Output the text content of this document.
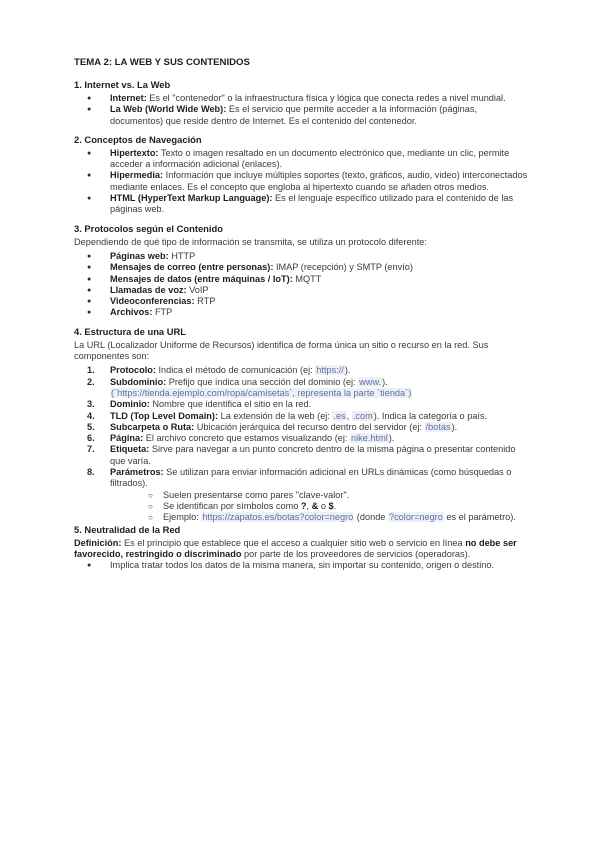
TEMA 2: LA WEB Y SUS CONTENIDOS
1. Internet vs. La Web
● Internet: Es el "contenedor" o la infraestructura física y lógica que conecta redes a nivel mundial.
● La Web (World Wide Web): Es el servicio que permite acceder a la información (páginas, documentos) que reside dentro de Internet. Es el contenido del contenedor.
2. Conceptos de Navegación
● Hipertexto: Texto o imagen resaltado en un documento electrónico que, mediante un clic, permite acceder a información adicional (enlaces).
● Hipermedia: Información que incluye múltiples soportes (texto, gráficos, audio, video) interconectados mediante enlaces. Es el concepto que engloba al hipertexto cuando se añaden otros medios.
● HTML (HyperText Markup Language): Es el lenguaje específico utilizado para el contenido de las páginas web.
3. Protocolos según el Contenido

Dependiendo de qué tipo de información se transmita, se utiliza un protocolo diferente:

● Páginas web: HTTP
● Mensajes de correo (entre personas): IMAP (recepción) y SMTP (envío)
● Mensajes de datos (entre máquinas / IoT): MQTT
● Llamadas de voz: VoIP
● Videoconferencias: RTP
● Archivos: FTP
4. Estructura de una URL

La URL (Localizador Uniforme de Recursos) identifica de forma única un sitio o recurso en la red. Sus componentes son:

1. Protocolo: Indica el método de comunicación (ej: https://).
2. Subdominio: Prefijo que indica una sección del dominio (ej: www.).
(`https://tienda.ejemplo.com/ropa/camisetas`, representa la parte `tienda`)
3. Dominio: Nombre que identifica el sitio en la red.
4. TLD (Top Level Domain): La extensión de la web (ej: .es, .com). Indica la categoría o país.
5. Subcarpeta o Ruta: Ubicación jerárquica del recurso dentro del servidor (ej: /botas).
6. Página: El archivo concreto que estamos visualizando (ej: nike.html).
7. Etiqueta: Sirve para navegar a un punto concreto dentro de la misma página o presentar contenido que varía.
8. Parámetros: Se utilizan para enviar información adicional en URLs dinámicas (como búsquedas o filtrados).
○ Suelen presentarse como pares "clave-valor".
○ Se identifican por símbolos como ?, & o $.
○ Ejemplo: https://zapatos.es/botas?color=negro (donde ?color=negro es el parámetro).
5. Neutralidad de la Red

Definición: Es el principio que establece que el acceso a cualquier sitio web o servicio en línea no debe ser favorecido, restringido o discriminado por parte de los proveedores de servicios (operadoras).

● Implica tratar todos los datos de la misma manera, sin importar su contenido, origen o destino.
